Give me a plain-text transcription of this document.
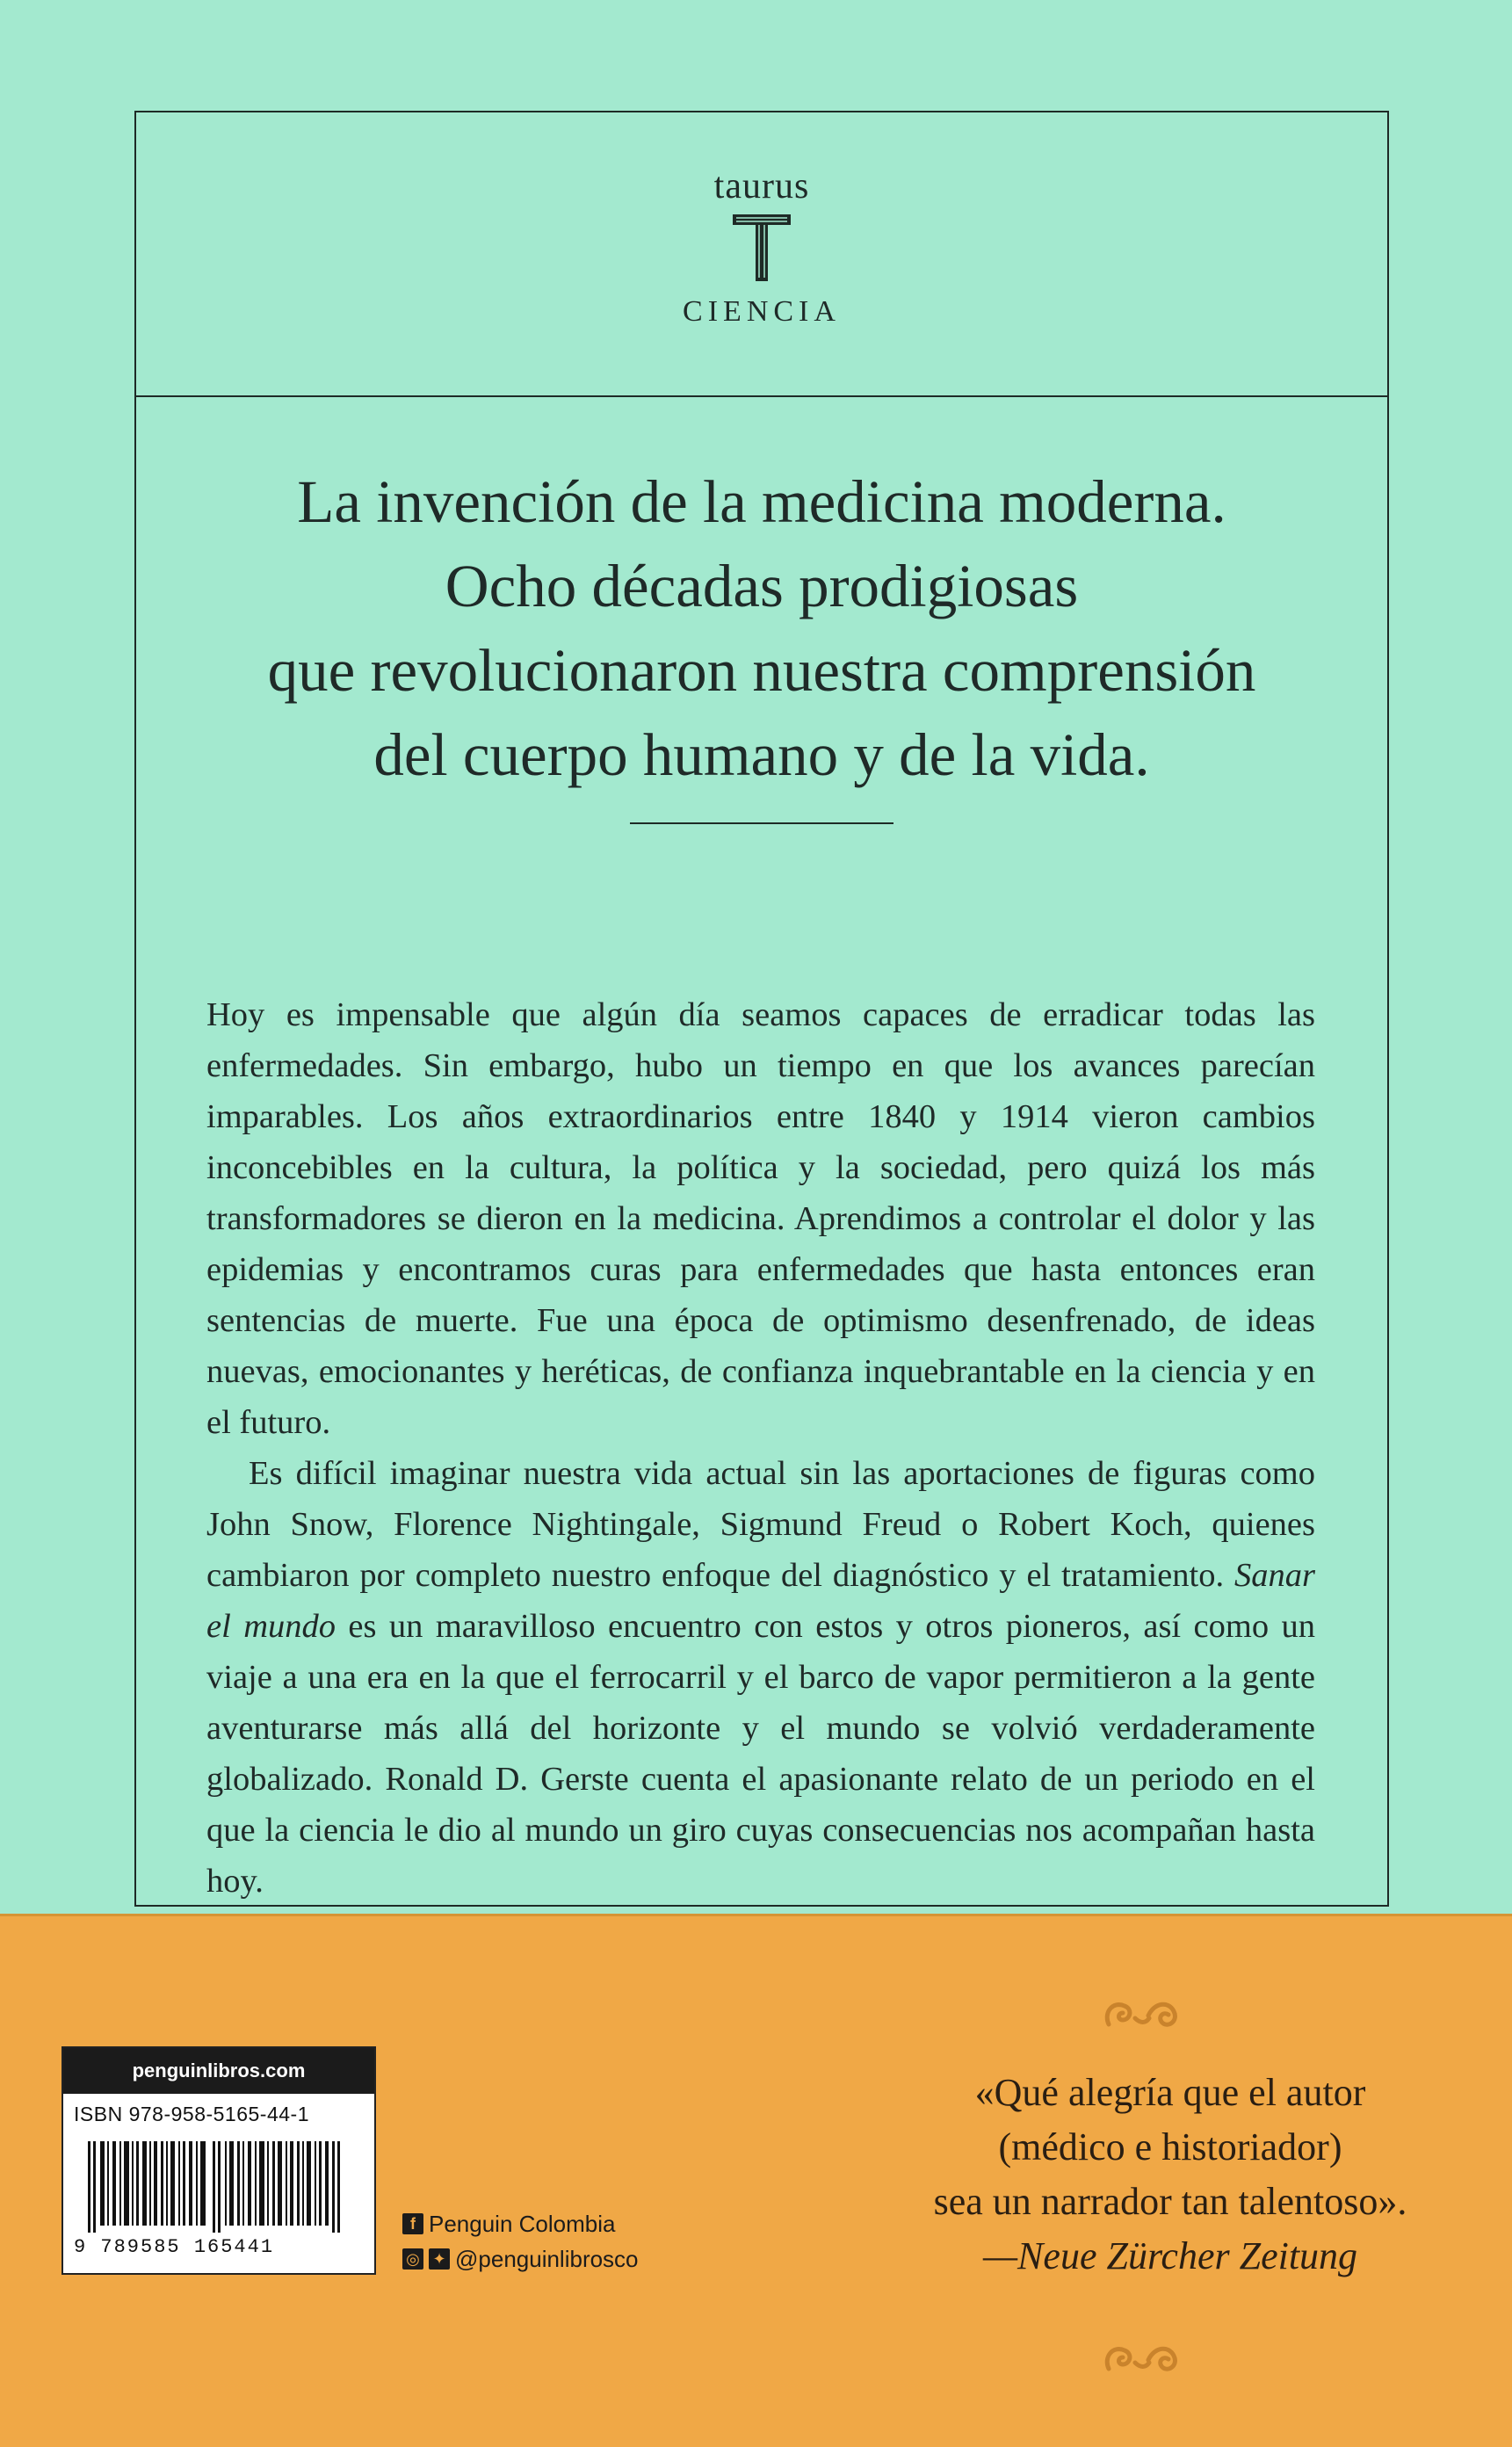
taurus
CIENCIA
La invención de la medicina moderna.
Ocho décadas prodigiosas
que revolucionaron nuestra comprensión
del cuerpo humano y de la vida.

Hoy es impensable que algún día seamos capaces de erradicar todas las enfermedades. Sin embargo, hubo un tiempo en que los avances parecían imparables. Los años extraordinarios entre 1840 y 1914 vieron cambios inconcebibles en la cultura, la política y la sociedad, pero quizá los más transformadores se dieron en la medicina. Aprendimos a controlar el dolor y las epidemias y encontramos curas para enfermedades que hasta entonces eran sentencias de muerte. Fue una época de optimismo desenfrenado, de ideas nuevas, emocionantes y heréticas, de confianza inquebrantable en la ciencia y en el futuro.

Es difícil imaginar nuestra vida actual sin las aportaciones de figuras como John Snow, Florence Nightingale, Sigmund Freud o Robert Koch, quienes cambiaron por completo nuestro enfoque del diagnóstico y el tratamiento. Sanar el mundo es un maravilloso encuentro con estos y otros pioneros, así como un viaje a una era en la que el ferrocarril y el barco de vapor permitieron a la gente aventurarse más allá del horizonte y el mundo se volvió verdaderamente globalizado. Ronald D. Gerste cuenta el apasionante relato de un periodo en el que la ciencia le dio al mundo un giro cuyas consecuencias nos acompañan hasta hoy.

penguinlibros.com
ISBN 978-958-5165-44-1
9 789585 165441
f Penguin Colombia
◎ ✦ @penguinlibrosco
«Qué alegría que el autor
(médico e historiador)
sea un narrador tan talentoso».
—Neue Zürcher Zeitung
